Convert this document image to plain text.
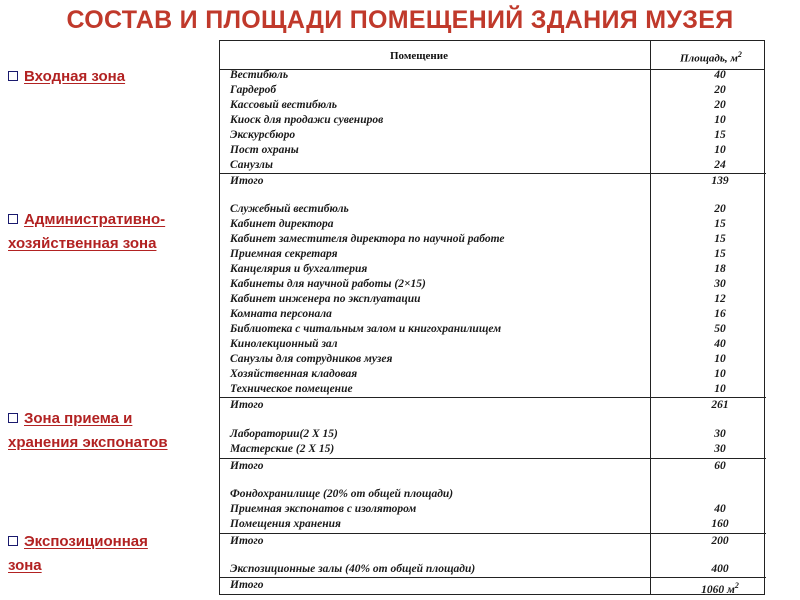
СОСТАВ И ПЛОЩАДИ ПОМЕЩЕНИЙ ЗДАНИЯ МУЗЕЯ
Входная зона
Административно-
хозяйственная зона
Зона приема и
хранения экспонатов
Экспозиционная
зона
Помещение	Площадь, $м^2$
Вестибюль	40
Гардероб	20
Кассовый вестибюль	20
Киоск для продажи сувениров	10
Экскурсбюро	15
Пост охраны	10
Санузлы	24
Итого	139
Служебный вестибюль	20
Кабинет директора	15
Кабинет заместителя директора по научной работе	15
Приемная секретаря	15
Канцелярия и бухгалтерия	18
Кабинеты для научной работы (2×15)	30
Кабинет инженера по эксплуатации	12
Комната персонала	16
Библиотека с читальным залом и книгохранилищем	50
Кинолекционный зал	40
Санузлы для сотрудников музея	10
Хозяйственная кладовая	10
Техническое помещение	10
Итого	261
Лаборатории(2 Х 15)	30
Мастерские (2 Х 15)	30
Итого	60
Фондохранилище (20% от общей площади)
Приемная экспонатов с изолятором	40
Помещения хранения	160
Итого	200
Экспозиционные залы (40% от общей площади)	400
Итого	1060 $м^2$
